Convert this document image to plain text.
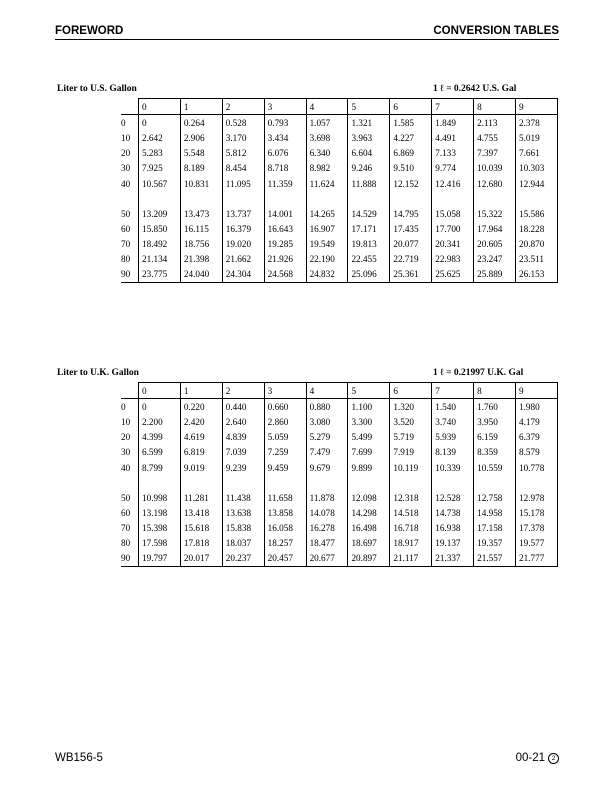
FOREWORD	CONVERSION TABLES
Liter to U.S. Gallon	1 ℓ = 0.2642 U.S. Gal
	0	1	2	3	4	5	6	7	8	9
0	0	0.264	0.528	0.793	1.057	1.321	1.585	1.849	2.113	2.378
10	2.642	2.906	3.170	3.434	3.698	3.963	4.227	4.491	4.755	5.019
20	5.283	5.548	5.812	6.076	6.340	6.604	6.869	7.133	7.397	7.661
30	7.925	8.189	8.454	8.718	8.982	9.246	9.510	9.774	10.039	10.303
40	10.567	10.831	11.095	11.359	11.624	11.888	12.152	12.416	12.680	12.944

50	13.209	13.473	13.737	14.001	14.265	14.529	14.795	15.058	15.322	15.586
60	15.850	16.115	16.379	16.643	16.907	17.171	17.435	17.700	17.964	18.228
70	18.492	18.756	19.020	19.285	19.549	19.813	20.077	20.341	20.605	20.870
80	21.134	21.398	21.662	21.926	22.190	22.455	22.719	22.983	23.247	23.511
90	23.775	24.040	24.304	24.568	24.832	25.096	25.361	25.625	25.889	26.153
Liter to U.K. Gallon	1 ℓ = 0.21997 U.K. Gal
	0	1	2	3	4	5	6	7	8	9
0	0	0.220	0.440	0.660	0.880	1.100	1.320	1.540	1.760	1.980
10	2.200	2.420	2.640	2.860	3.080	3.300	3.520	3.740	3.950	4.179
20	4.399	4.619	4.839	5.059	5.279	5.499	5.719	5.939	6.159	6.379
30	6.599	6.819	7.039	7.259	7.479	7.699	7.919	8.139	8.359	8.579
40	8.799	9.019	9.239	9.459	9.679	9.899	10.119	10.339	10.559	10.778

50	10.998	11.281	11.438	11.658	11.878	12.098	12.318	12.528	12.758	12.978
60	13.198	13.418	13.638	13.858	14.078	14.298	14.518	14.738	14.958	15.178
70	15.398	15.618	15.838	16.058	16.278	16.498	16.718	16.938	17.158	17.378
80	17.598	17.818	18.037	18.257	18.477	18.697	18.917	19.137	19.357	19.577
90	19.797	20.017	20.237	20.457	20.677	20.897	21.117	21.337	21.557	21.777
WB156-5	00-21 2
